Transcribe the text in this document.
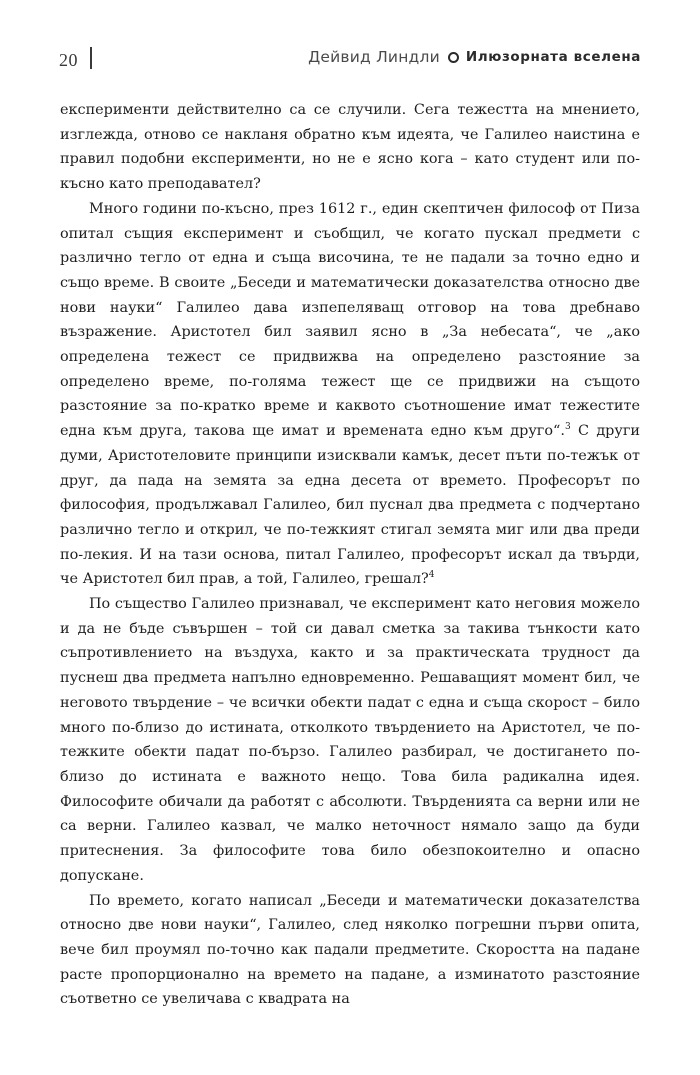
20	Дейвид Линдли Илюзорната вселена

експерименти действително са се случили. Сега тежестта на мнението, изглежда, отново се накланя обратно към идеята, че Галилео наистина е правил подобни експерименти, но не е ясно кога – като студент или по-късно като преподавател?

Много години по-късно, през 1612 г., един скептичен философ от Пиза опитал същия експеримент и съобщил, че когато пускал предмети с различно тегло от една и съща височина, те не падали за точно едно и също време. В своите „Беседи и математически доказателства относно две нови науки“ Галилео дава изпепеляващ отговор на това дребнаво възражение. Аристотел бил заявил ясно в „За небесата“, че „ако определена тежест се придвижва на определено разстояние за определено време, по-голяма тежест ще се придвижи на същото разстояние за по-кратко време и каквото съотношение имат тежестите една към друга, такова ще имат и времената едно към друго“.$^3$ С други думи, Аристотеловите принципи изисквали камък, десет пъти по-тежък от друг, да пада на земята за една десета от времето. Професорът по философия, продължавал Галилео, бил пуснал два предмета с подчертано различно тегло и открил, че по-тежкият стигал земята миг или два преди по-лекия. И на тази основа, питал Галилео, професорът искал да твърди, че Аристотел бил прав, а той, Галилео, грешал?$^4$

По същество Галилео признавал, че експеримент като неговия можело и да не бъде съвършен – той си давал сметка за такива тънкости като съпротивлението на въздуха, както и за практическата трудност да пуснеш два предмета напълно едновременно. Решаващият момент бил, че неговото твърдение – че всички обекти падат с една и съща скорост – било много по-близо до истината, отколкото твърдението на Аристотел, че по-тежките обекти падат по-бързо. Галилео разбирал, че достигането по-близо до истината е важното нещо. Това била радикална идея. Философите обичали да работят с абсолюти. Твърденията са верни или не са верни. Галилео казвал, че малко неточност нямало защо да буди притеснения. За философите това било обезпокоително и опасно допускане.

По времето, когато написал „Беседи и математически доказателства относно две нови науки“, Галилео, след няколко погрешни първи опита, вече бил проумял по-точно как падали предметите. Скоростта на падане расте пропорционално на времето на падане, а изминатото разстояние съответно се увеличава с квадрата на
